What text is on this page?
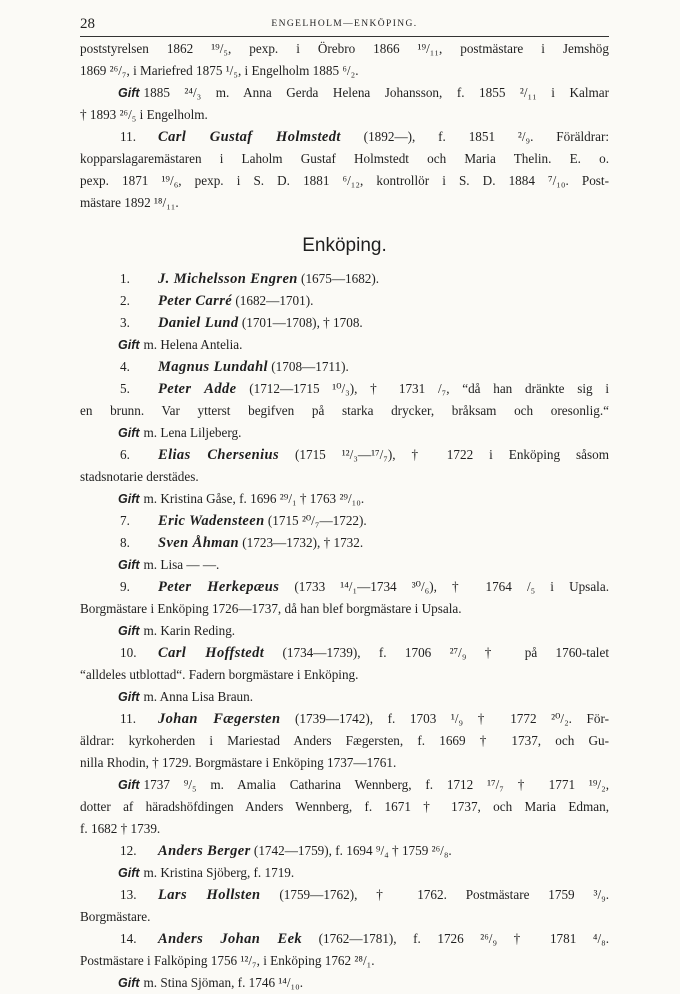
28	ENGELHOLM—ENKÖPING.
poststyrelsen 1862 ¹⁹/₅, pexp. i Örebro 1866 ¹⁹/₁₁, postmästare i Jemshög
1869 ²⁶/₇, i Mariefred 1875 ¹/₅, i Engelholm 1885 ⁶/₂.
Gift 1885 ²⁴/₃ m. Anna Gerda Helena Johansson, f. 1855 ²/₁₁ i Kalmar
† 1893 ²⁶/₅ i Engelholm.
11. Carl Gustaf Holmstedt (1892—), f. 1851 ²/₉. Föräldrar:
kopparslagaremästaren i Laholm Gustaf Holmstedt och Maria Thelin. E. o.
pexp. 1871 ¹⁹/₆, pexp. i S. D. 1881 ⁶/₁₂, kontrollör i S. D. 1884 ⁷/₁₀. Post-
mästare 1892 ¹⁸/₁₁.
Enköping.
1. J. Michelsson Engren (1675—1682).
2. Peter Carré (1682—1701).
3. Daniel Lund (1701—1708), † 1708.
Gift m. Helena Antelia.
4. Magnus Lundahl (1708—1711).
5. Peter Adde (1712—1715 ¹⁰/₃), † 1731 /₇, “då han dränkte sig i
en brunn. Var ytterst begifven på starka drycker, bråksam och oresonlig.“
Gift m. Lena Liljeberg.
6. Elias Chersenius (1715 ¹²/₃—¹⁷/₇), † 1722 i Enköping såsom
stadsnotarie derstädes.
Gift m. Kristina Gåse, f. 1696 ²⁹/₁ † 1763 ²⁹/₁₀.
7. Eric Wadensteen (1715 ²⁰/₇—1722).
8. Sven Åhman (1723—1732), † 1732.
Gift m. Lisa — —.
9. Peter Herkepæus (1733 ¹⁴/₁—1734 ³⁰/₆), † 1764 /₅ i Upsala.
Borgmästare i Enköping 1726—1737, då han blef borgmästare i Upsala.
Gift m. Karin Reding.
10. Carl Hoffstedt (1734—1739), f. 1706 ²⁷/₉ † på 1760-talet
“alldeles utblottad“. Fadern borgmästare i Enköping.
Gift m. Anna Lisa Braun.
11. Johan Fægersten (1739—1742), f. 1703 ¹/₉ † 1772 ²⁰/₂. För-
äldrar: kyrkoherden i Mariestad Anders Fægersten, f. 1669 † 1737, och Gu-
nilla Rhodin, † 1729. Borgmästare i Enköping 1737—1761.
Gift 1737 ⁹/₅ m. Amalia Catharina Wennberg, f. 1712 ¹⁷/₇ † 1771 ¹⁹/₂,
dotter af häradshöfdingen Anders Wennberg, f. 1671 † 1737, och Maria Edman,
f. 1682 † 1739.
12. Anders Berger (1742—1759), f. 1694 ⁹/₄ † 1759 ²⁶/₈.
Gift m. Kristina Sjöberg, f. 1719.
13. Lars Hollsten (1759—1762), † 1762. Postmästare 1759 ³/₉.
Borgmästare.
14. Anders Johan Eek (1762—1781), f. 1726 ²⁶/₉ † 1781 ⁴/₈.
Postmästare i Falköping 1756 ¹²/₇, i Enköping 1762 ²⁸/₁.
Gift m. Stina Sjöman, f. 1746 ¹⁴/₁₀.
